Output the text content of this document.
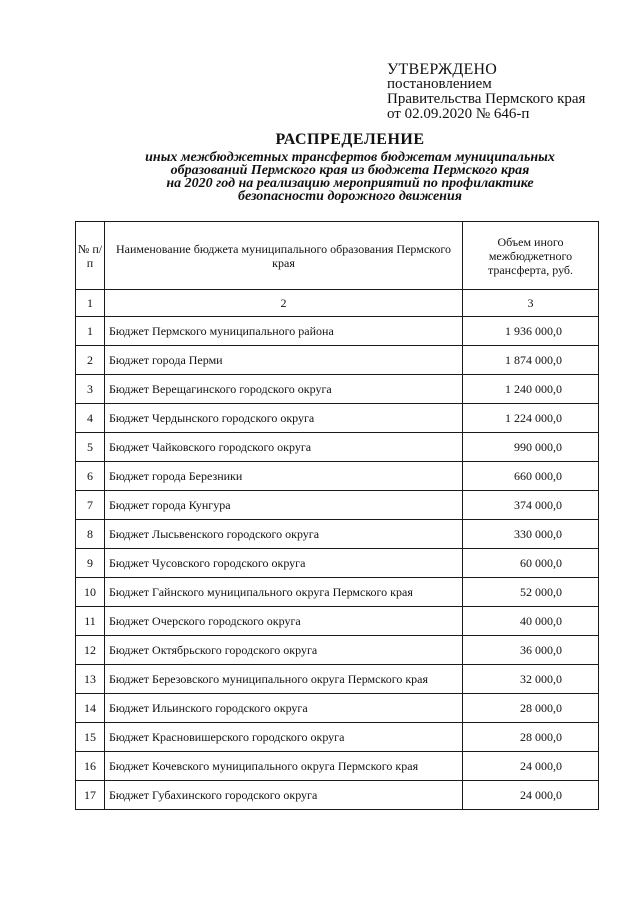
УТВЕРЖДЕНО
постановлением
Правительства Пермского края
от 02.09.2020 № 646-п
РАСПРЕДЕЛЕНИЕ
иных межбюджетных трансфертов бюджетам муниципальных
образований Пермского края из бюджета Пермского края
на 2020 год на реализацию мероприятий по профилактике
безопасности дорожного движения
№ п/п	Наименование бюджета муниципального образования Пермского края	Объем иного межбюджетного трансферта, руб.
1	2	3
1	Бюджет Пермского муниципального района	1 936 000,0
2	Бюджет города Перми	1 874 000,0
3	Бюджет Верещагинского городского округа	1 240 000,0
4	Бюджет Чердынского городского округа	1 224 000,0
5	Бюджет Чайковского городского округа	990 000,0
6	Бюджет города Березники	660 000,0
7	Бюджет города Кунгура	374 000,0
8	Бюджет Лысьвенского городского округа	330 000,0
9	Бюджет Чусовского городского округа	60 000,0
10	Бюджет Гайнского муниципального округа Пермского края	52 000,0
11	Бюджет Очерского городского округа	40 000,0
12	Бюджет Октябрьского городского округа	36 000,0
13	Бюджет Березовского муниципального округа Пермского края	32 000,0
14	Бюджет Ильинского городского округа	28 000,0
15	Бюджет Красновишерского городского округа	28 000,0
16	Бюджет Кочевского муниципального округа Пермского края	24 000,0
17	Бюджет Губахинского городского округа	24 000,0
